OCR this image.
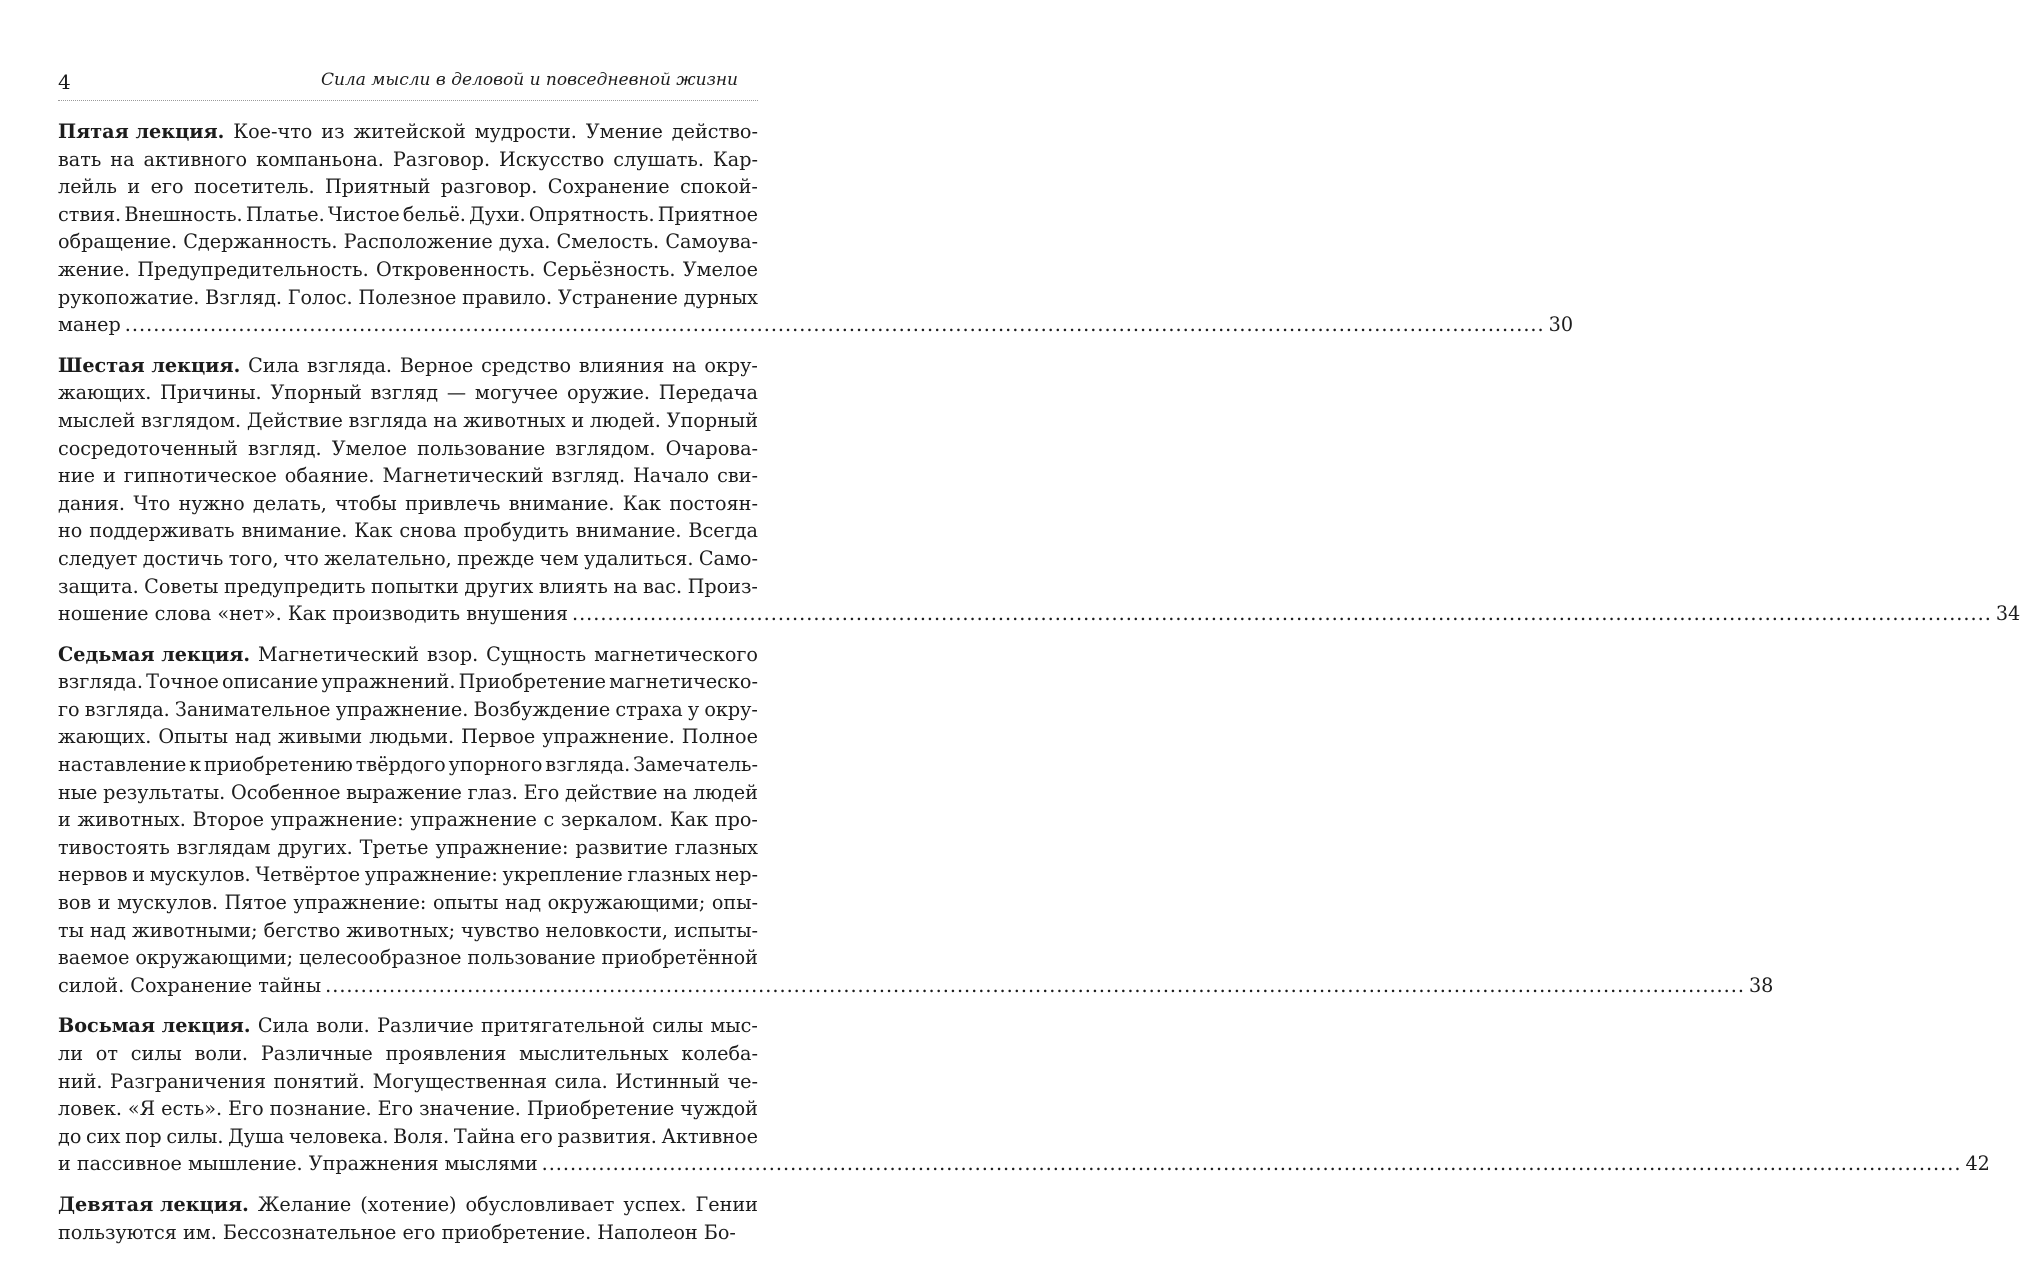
4	Сила мысли в деловой и повседневной жизни
Пятая лекция. Кое-что из житейской мудрости. Умение действо-
вать на активного компаньона. Разговор. Искусство слушать. Кар-
лейль и его посетитель. Приятный разговор. Сохранение спокой-
ствия. Внешность. Платье. Чистое бельё. Духи. Опрятность. Приятное
обращение. Сдержанность. Расположение духа. Смелость. Самоува-
жение. Предупредительность. Откровенность. Серьёзность. Умелое
рукопожатие. Взгляд. Голос. Полезное правило. Устранение дурных
манер ........................................................................................................................................................................................................ 30
Шестая лекция. Сила взгляда. Верное средство влияния на окру-
жающих. Причины. Упорный взгляд — могучее оружие. Передача
мыслей взглядом. Действие взгляда на животных и людей. Упорный
сосредоточенный взгляд. Умелое пользование взглядом. Очарова-
ние и гипнотическое обаяние. Магнетический взгляд. Начало сви-
дания. Что нужно делать, чтобы привлечь внимание. Как постоян-
но поддерживать внимание. Как снова пробудить внимание. Всегда
следует достичь того, что желательно, прежде чем удалиться. Само-
защита. Советы предупредить попытки других влиять на вас. Произ-
ношение слова «нет». Как производить внушения ........................................................................................................................................................................................................ 34
Седьмая лекция. Магнетический взор. Сущность магнетического
взгляда. Точное описание упражнений. Приобретение магнетическо-
го взгляда. Занимательное упражнение. Возбуждение страха у окру-
жающих. Опыты над живыми людьми. Первое упражнение. Полное
наставление к приобретению твёрдого упорного взгляда. Замечатель-
ные результаты. Особенное выражение глаз. Его действие на людей
и животных. Второе упражнение: упражнение с зеркалом. Как про-
тивостоять взглядам других. Третье упражнение: развитие глазных
нервов и мускулов. Четвёртое упражнение: укрепление глазных нер-
вов и мускулов. Пятое упражнение: опыты над окружающими; опы-
ты над животными; бегство животных; чувство неловкости, испыты-
ваемое окружающими; целесообразное пользование приобретённой
силой. Сохранение тайны ........................................................................................................................................................................................................ 38
Восьмая лекция. Сила воли. Различие притягательной силы мыс-
ли от силы воли. Различные проявления мыслительных колеба-
ний. Разграничения понятий. Могущественная сила. Истинный че-
ловек. «Я есть». Его познание. Его значение. Приобретение чуждой
до сих пор силы. Душа человека. Воля. Тайна его развития. Активное
и пассивное мышление. Упражнения мыслями ........................................................................................................................................................................................................ 42
Девятая лекция. Желание (хотение) обусловливает успех. Гении
пользуются им. Бессознательное его приобретение. Наполеон Бо-
